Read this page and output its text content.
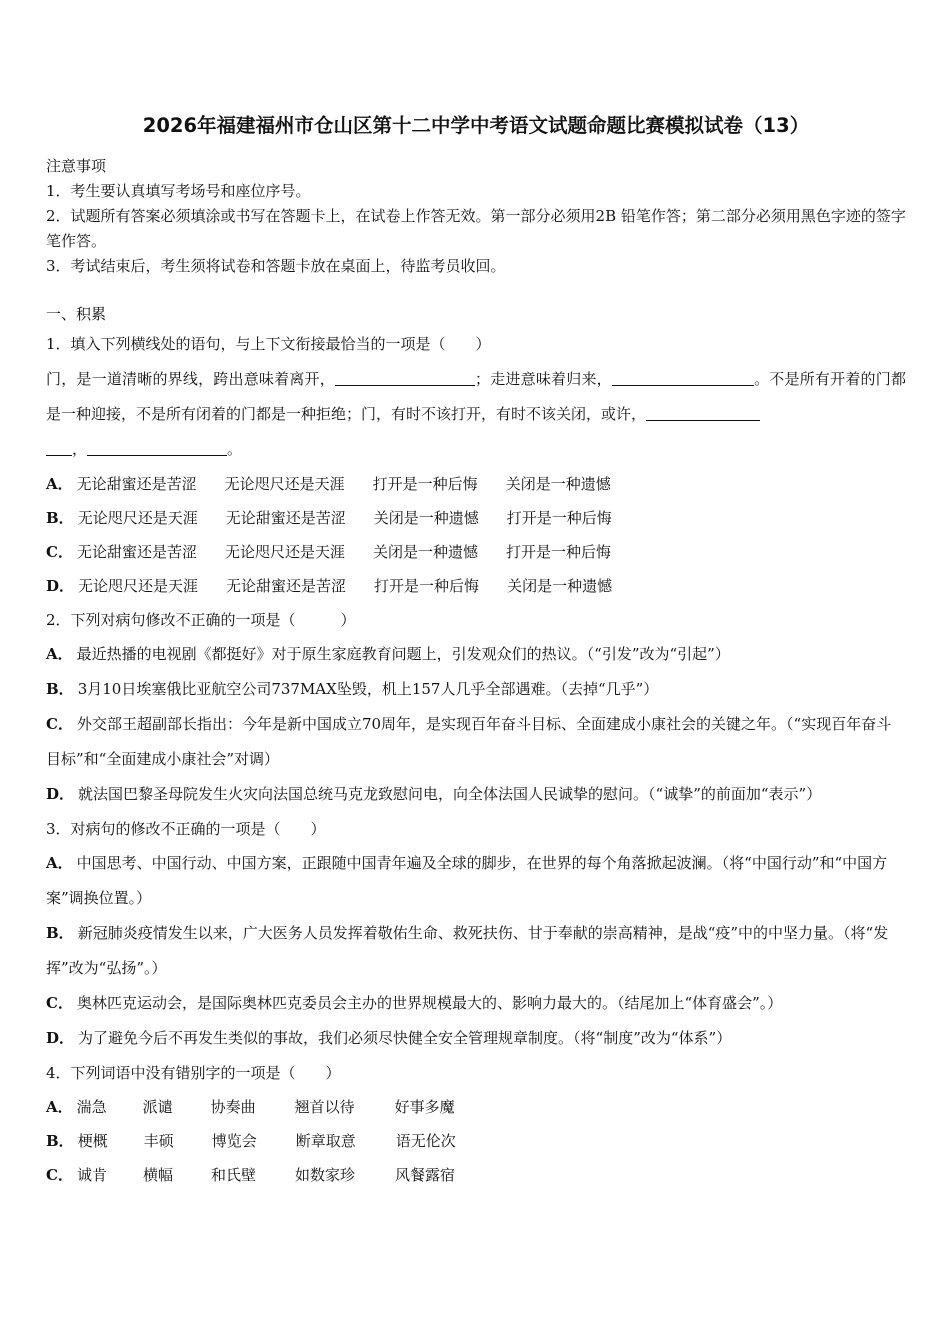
2026年福建福州市仓山区第十二中学中考语文试题命题比赛模拟试卷（13）
注意事项
1．考生要认真填写考场号和座位序号。
2．试题所有答案必须填涂或书写在答题卡上，在试卷上作答无效。第一部分必须用2B 铅笔作答；第二部分必须用黑色字迹的签字笔作答。
3．考试结束后，考生须将试卷和答题卡放在桌面上，待监考员收回。
一、积累
1．填入下列横线处的语句，与上下文衔接最恰当的一项是（　　）
门，是一道清晰的界线，跨出意味着离开，	；走进意味着归来，	。不是所有开着的门都是一种迎接，不是所有闭着的门都是一种拒绝；门，有时不该打开，有时不该关闭，或许，
，	。
A． 无论甜蜜还是苦涩 无论咫尺还是天涯 打开是一种后悔 关闭是一种遗憾
B． 无论咫尺还是天涯 无论甜蜜还是苦涩 关闭是一种遗憾 打开是一种后悔
C． 无论甜蜜还是苦涩 无论咫尺还是天涯 关闭是一种遗憾 打开是一种后悔
D． 无论咫尺还是天涯 无论甜蜜还是苦涩 打开是一种后悔 关闭是一种遗憾
2．下列对病句修改不正确的一项是（　　　）
A． 最近热播的电视剧《都挺好》对于原生家庭教育问题上，引发观众们的热议。（“引发”改为“引起”）
B． 3月10日埃塞俄比亚航空公司737MAX坠毁，机上157人几乎全部遇难。（去掉“几乎”）
C． 外交部王超副部长指出：今年是新中国成立70周年，是实现百年奋斗目标、全面建成小康社会的关键之年。（“实现百年奋斗目标”和“全面建成小康社会”对调）
D． 就法国巴黎圣母院发生火灾向法国总统马克龙致慰问电，向全体法国人民诚挚的慰问。（“诚挚”的前面加“表示”）
3．对病句的修改不正确的一项是（　　）
A． 中国思考、中国行动、中国方案，正跟随中国青年遍及全球的脚步，在世界的每个角落掀起波澜。（将“中国行动”和“中国方案”调换位置。）
B． 新冠肺炎疫情发生以来，广大医务人员发挥着敬佑生命、救死扶伤、甘于奉献的崇高精神，是战“疫”中的中坚力量。（将“发挥”改为“弘扬”。）
C． 奥林匹克运动会，是国际奥林匹克委员会主办的世界规模最大的、影响力最大的。（结尾加上“体育盛会”。）
D． 为了避免今后不再发生类似的事故，我们必须尽快健全安全管理规章制度。（将“制度”改为“体系”）
4．下列词语中没有错别字的一项是（　　）
A． 湍急 派谴	协奏曲	翘首以待	好事多魔
B． 梗概 丰硕	博览会	断章取意	语无伦次
C． 诚肯 横幅	和氏壁	如数家珍	风餐露宿
